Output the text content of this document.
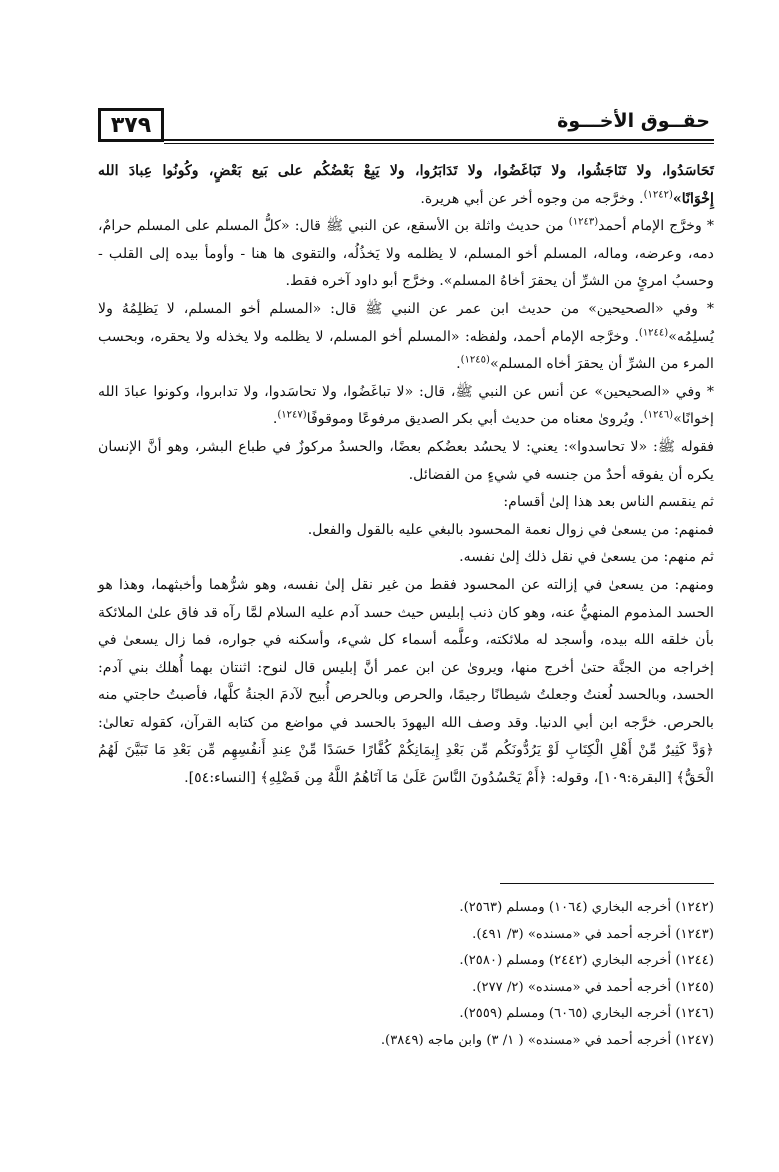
٣٧٩	حقــوق الأخـــوة

تَحَاسَدُوا، ولا تَنَاجَشُوا، ولا تَبَاغَضُوا، ولا تَدَابَرُوا، ولا يَبِعْ بَعْضُكُم على بَيع بَعْضٍ، وكُونُوا عِبادَ الله إِخْوَانًا»$^{(١٢٤٢)}$. وخرَّجه من وجوه أخر عن أبي هريرة.

* وخرَّج الإمام أحمد$^{(١٢٤٣)}$ من حديث واثلة بن الأسقع، عن النبي ﷺ قال: «كلُّ المسلم على المسلم حرامٌ، دمه، وعرضه، وماله، المسلم أخو المسلم، لا يظلمه ولا يَخذُلُه، والتقوى ها هنا - وأومأ بيده إلى القلب - وحسبُ امرئٍ من الشرِّ أن يحقرَ أخاهُ المسلم». وخرَّج أبو داود آخره فقط.

* وفي «الصحيحين» من حديث ابن عمر عن النبي ﷺ قال: «المسلم أخو المسلم، لا يَظلِمُهُ ولا يُسلِمُه»$^{(١٢٤٤)}$. وخرَّجه الإمام أحمد، ولفظه: «المسلم أخو المسلم، لا يظلمه ولا يخذله ولا يحقره، وبحسب المرء من الشرِّ أن يحقرَ أخاه المسلم»$^{(١٢٤٥)}$.

* وفي «الصحيحين» عن أنس عن النبي ﷺ، قال: «لا تباغَضُوا، ولا تحاسَدوا، ولا تدابروا، وكونوا عبادَ الله إخوانًا»$^{(١٢٤٦)}$. ويُروىٰ معناه من حديث أبي بكر الصديق مرفوعًا وموقوفًا$^{(١٢٤٧)}$.

فقوله ﷺ: «لا تحاسدوا»: يعني: لا يحسُد بعضُكم بعضًا، والحسدُ مركوزٌ في طباع البشر، وهو أنَّ الإنسان يكره أن يفوقه أحدٌ من جنسه في شيءٍ من الفضائل.

ثم ينقسم الناس بعد هذا إلىٰ أقسام:

فمنهم: من يسعىٰ في زوال نعمة المحسود بالبغي عليه بالقول والفعل.

ثم منهم: من يسعىٰ في نقل ذلك إلىٰ نفسه.

ومنهم: من يسعىٰ في إزالته عن المحسود فقط من غير نقل إلىٰ نفسه، وهو شرُّهما وأخبثهما، وهذا هو الحسد المذموم المنهيُّ عنه، وهو كان ذنب إبليس حيث حسد آدم عليه السلام لمَّا رآه قد فاق علىٰ الملائكة بأن خلقه الله بيده، وأسجد له ملائكته، وعلَّمه أسماء كل شيء، وأسكنه في جواره، فما زال يسعىٰ في إخراجه من الجنَّة حتىٰ أخرج منها، ويروىٰ عن ابن عمر أنَّ إبليس قال لنوح: اثنتان بهما أُهلك بني آدم: الحسد، وبالحسد لُعنتُ وجعلتُ شيطانًا رجيمًا، والحرص وبالحرص أُبيح لآدمَ الجنةُ كلَّها، فأصبتُ حاجتي منه بالحرص. خرَّجه ابن أبي الدنيا. وقد وصف الله اليهودَ بالحسد في مواضع من كتابه القرآن، كقوله تعالىٰ: ﴿وَدَّ كَثِيرٌ مِّنْ أَهْلِ الْكِتَابِ لَوْ يَرُدُّونَكُم مِّن بَعْدِ إِيمَانِكُمْ كُفَّارًا حَسَدًا مِّنْ عِندِ أَنفُسِهِم مِّن بَعْدِ مَا تَبَيَّنَ لَهُمُ الْحَقُّ﴾ [البقرة:١٠٩]، وقوله: ﴿أَمْ يَحْسُدُونَ النَّاسَ عَلَىٰ مَا آتَاهُمُ اللَّهُ مِن فَضْلِهِ﴾ [النساء:٥٤].

(١٢٤٢) أخرجه البخاري (١٠٦٤) ومسلم (٢٥٦٣).
(١٢٤٣) أخرجه أحمد في «مسنده» (٣/ ٤٩١).
(١٢٤٤) أخرجه البخاري (٢٤٤٢) ومسلم (٢٥٨٠).
(١٢٤٥) أخرجه أحمد في «مسنده» (٢/ ٢٧٧).
(١٢٤٦) أخرجه البخاري (٦٠٦٥) ومسلم (٢٥٥٩).
(١٢٤٧) أخرجه أحمد في «مسنده» ( ١/ ٣) وابن ماجه (٣٨٤٩).
